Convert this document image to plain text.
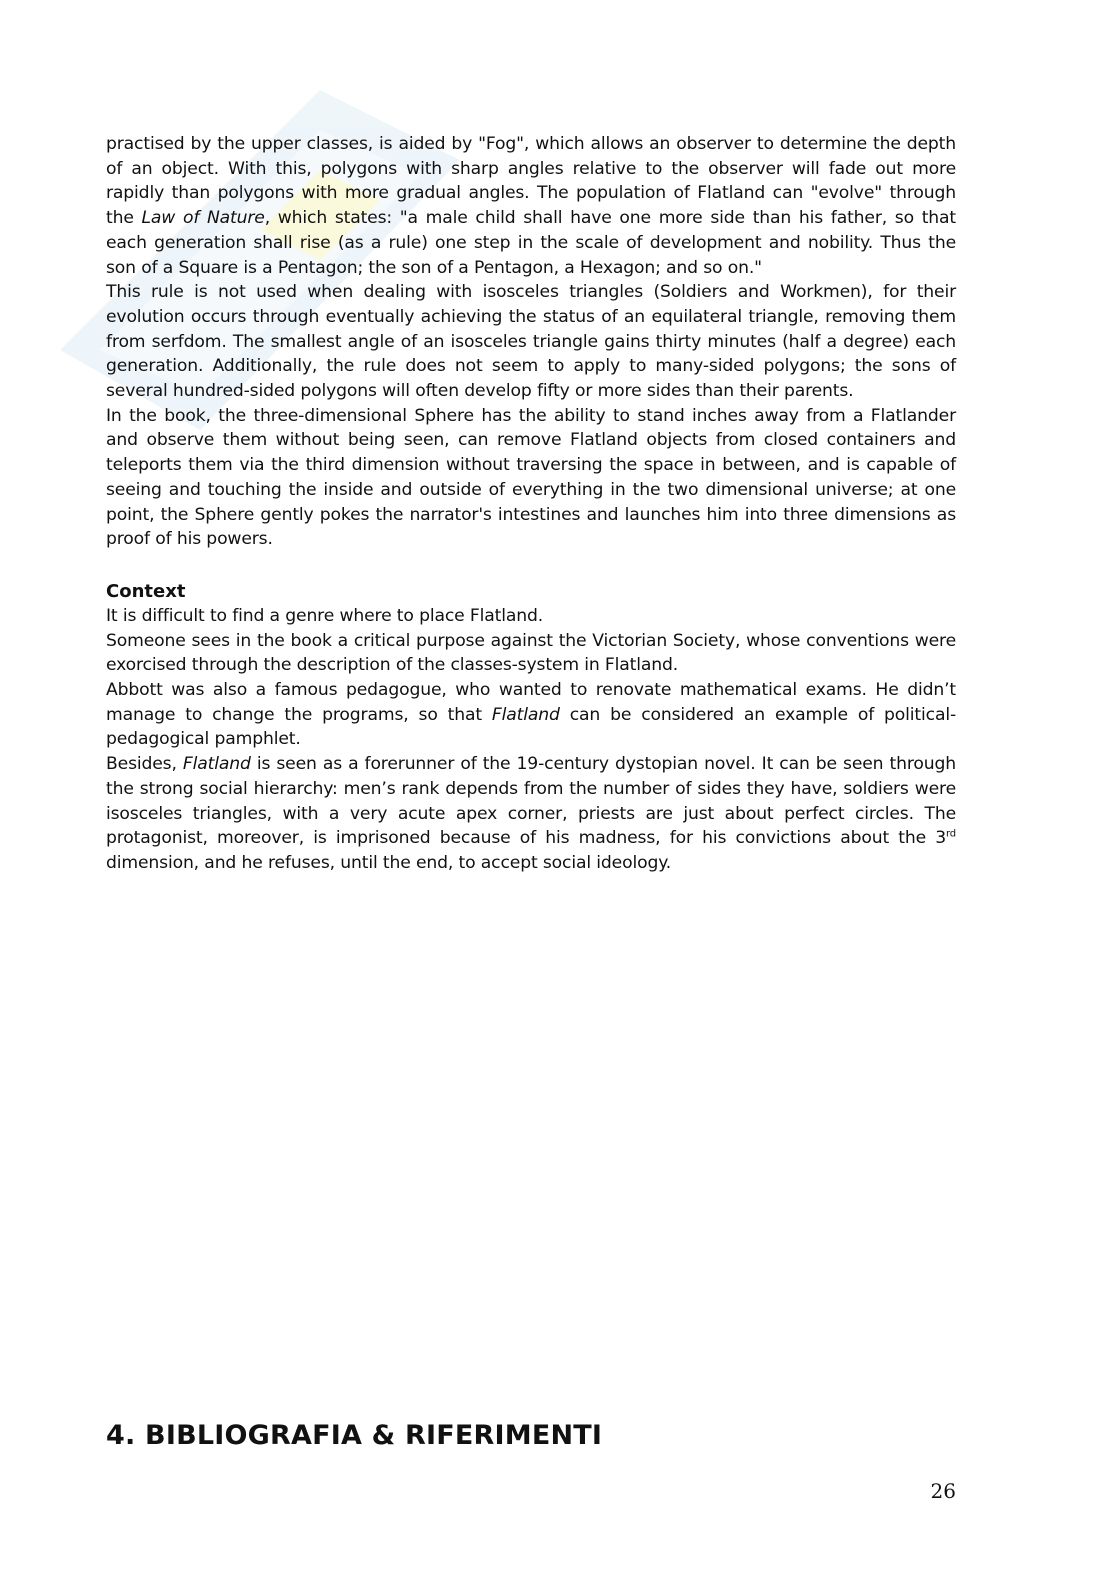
practised by the upper classes, is aided by "Fog", which allows an observer to determine the depth of an object. With this, polygons with sharp angles relative to the observer will fade out more rapidly than polygons with more gradual angles. The population of Flatland can "evolve" through the Law of Nature, which states: "a male child shall have one more side than his father, so that each generation shall rise (as a rule) one step in the scale of development and nobility. Thus the son of a Square is a Pentagon; the son of a Pentagon, a Hexagon; and so on."

This rule is not used when dealing with isosceles triangles (Soldiers and Workmen), for their evolution occurs through eventually achieving the status of an equilateral triangle, removing them from serfdom. The smallest angle of an isosceles triangle gains thirty minutes (half a degree) each generation. Additionally, the rule does not seem to apply to many-sided polygons; the sons of several hundred-sided polygons will often develop fifty or more sides than their parents.

In the book, the three-dimensional Sphere has the ability to stand inches away from a Flatlander and observe them without being seen, can remove Flatland objects from closed containers and teleports them via the third dimension without traversing the space in between, and is capable of seeing and touching the inside and outside of everything in the two dimensional universe; at one point, the Sphere gently pokes the narrator's intestines and launches him into three dimensions as proof of his powers.

Context

It is difficult to find a genre where to place Flatland.

Someone sees in the book a critical purpose against the Victorian Society, whose conventions were exorcised through the description of the classes-system in Flatland.

Abbott was also a famous pedagogue, who wanted to renovate mathematical exams. He didn’t manage to change the programs, so that Flatland can be considered an example of political-pedagogical pamphlet.

Besides, Flatland is seen as a forerunner of the 19-century dystopian novel. It can be seen through the strong social hierarchy: men’s rank depends from the number of sides they have, soldiers were isosceles triangles, with a very acute apex corner, priests are just about perfect circles. The protagonist, moreover, is imprisoned because of his madness, for his convictions about the 3rd dimension, and he refuses, until the end, to accept social ideology.

4. BIBLIOGRAFIA & RIFERIMENTI

26
